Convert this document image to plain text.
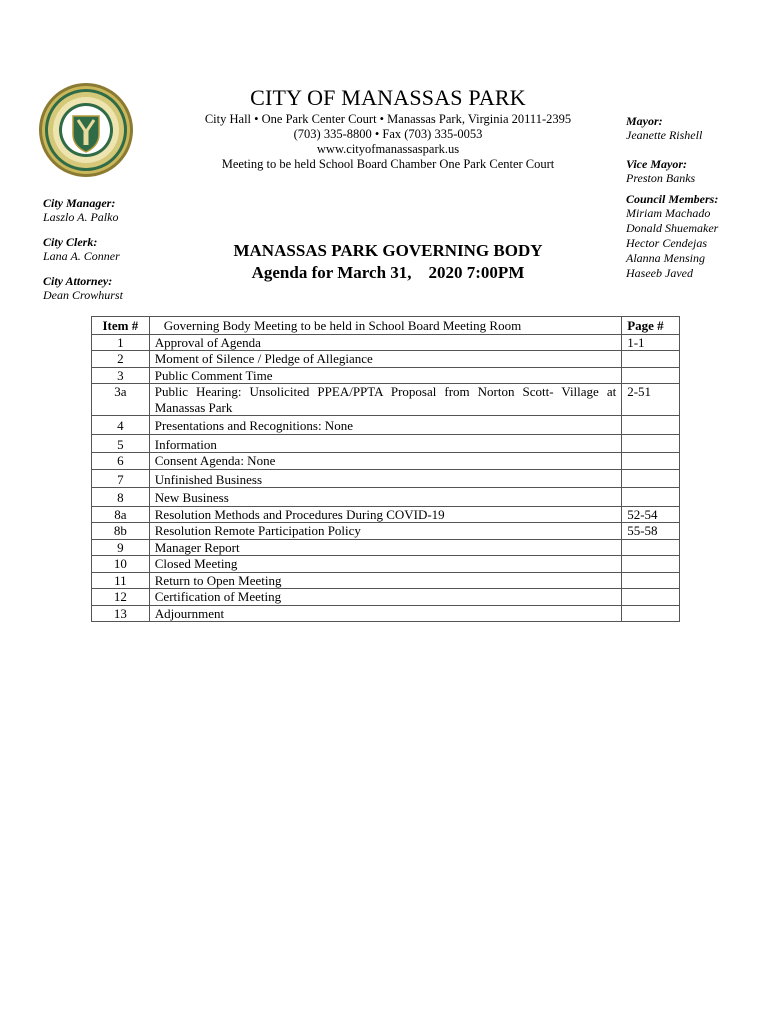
CITY OF MANASSAS PARK
City Hall • One Park Center Court • Manassas Park, Virginia 20111-2395
(703) 335-8800 • Fax (703) 335-0053
www.cityofmanassaspark.us
Meeting to be held School Board Chamber One Park Center Court
City Manager:
Laszlo A. Palko
City Clerk:
Lana A. Conner
City Attorney:
Dean Crowhurst
Mayor:
Jeanette Rishell
Vice Mayor:
Preston Banks
Council Members:
Miriam Machado
Donald Shuemaker
Hector Cendejas
Alanna Mensing
Haseeb Javed
MANASSAS PARK GOVERNING BODY
Agenda for March 31,    2020 7:00PM
Item #	Governing Body Meeting to be held in School Board Meeting Room	Page #
1	Approval of Agenda	1-1
2	Moment of Silence / Pledge of Allegiance	
3	Public Comment Time	
3a	Public Hearing: Unsolicited PPEA/PPTA Proposal from Norton Scott- Village at Manassas Park	2-51
4	Presentations and Recognitions: None	
5	Information	
6	Consent Agenda: None	
7	Unfinished Business	
8	New Business	
8a	Resolution Methods and Procedures During COVID-19	52-54
8b	Resolution Remote Participation Policy	55-58
9	Manager Report	
10	Closed Meeting	
11	Return to Open Meeting	
12	Certification of Meeting	
13	Adjournment	
